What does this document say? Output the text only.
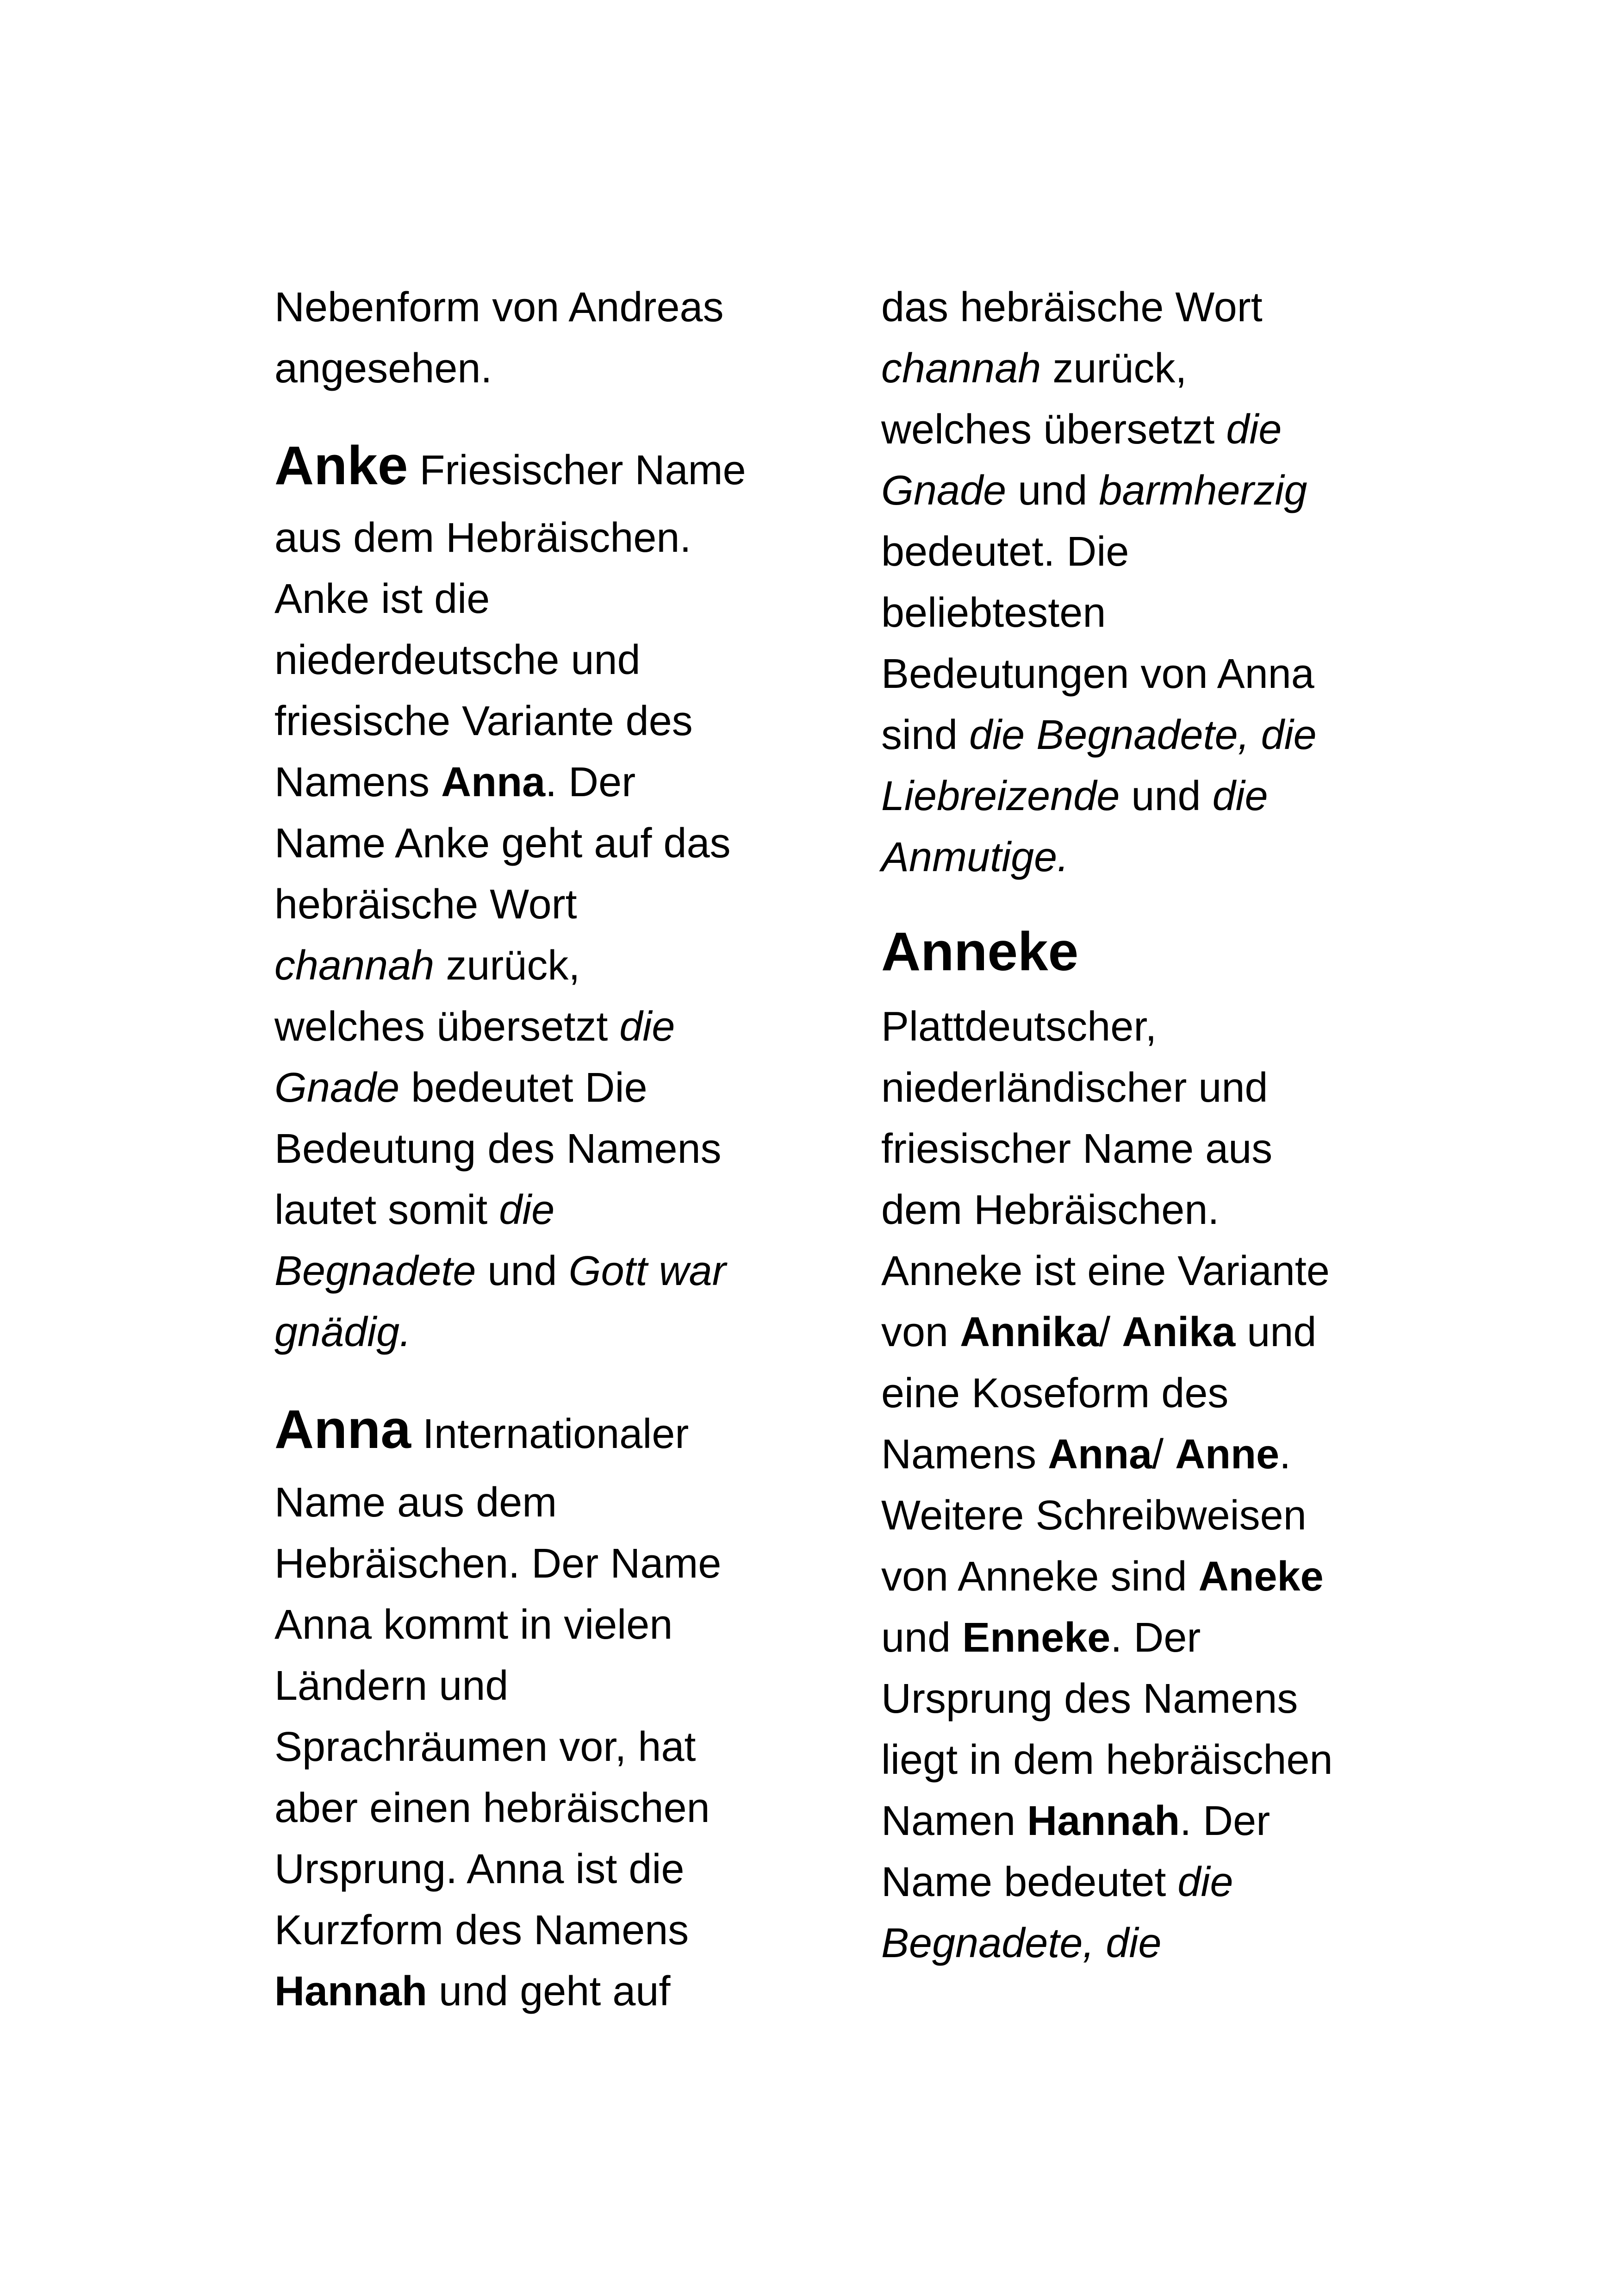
Nebenform von Andreas
angesehen.
Anke Friesischer Name
aus dem Hebräischen.
Anke ist die
niederdeutsche und
friesische Variante des
Namens Anna. Der
Name Anke geht auf das
hebräische Wort
channah zurück,
welches übersetzt die
Gnade bedeutet Die
Bedeutung des Namens
lautet somit die
Begnadete und Gott war
gnädig.
Anna Internationaler
Name aus dem
Hebräischen. Der Name
Anna kommt in vielen
Ländern und
Sprachräumen vor, hat
aber einen hebräischen
Ursprung. Anna ist die
Kurzform des Namens
Hannah und geht auf
das hebräische Wort
channah zurück,
welches übersetzt die
Gnade und barmherzig
bedeutet. Die
beliebtesten
Bedeutungen von Anna
sind die Begnadete, die
Liebreizende und die
Anmutige.
Anneke
Plattdeutscher,
niederländischer und
friesischer Name aus
dem Hebräischen.
Anneke ist eine Variante
von Annika/ Anika und
eine Koseform des
Namens Anna/ Anne.
Weitere Schreibweisen
von Anneke sind Aneke
und Enneke. Der
Ursprung des Namens
liegt in dem hebräischen
Namen Hannah. Der
Name bedeutet die
Begnadete, die
